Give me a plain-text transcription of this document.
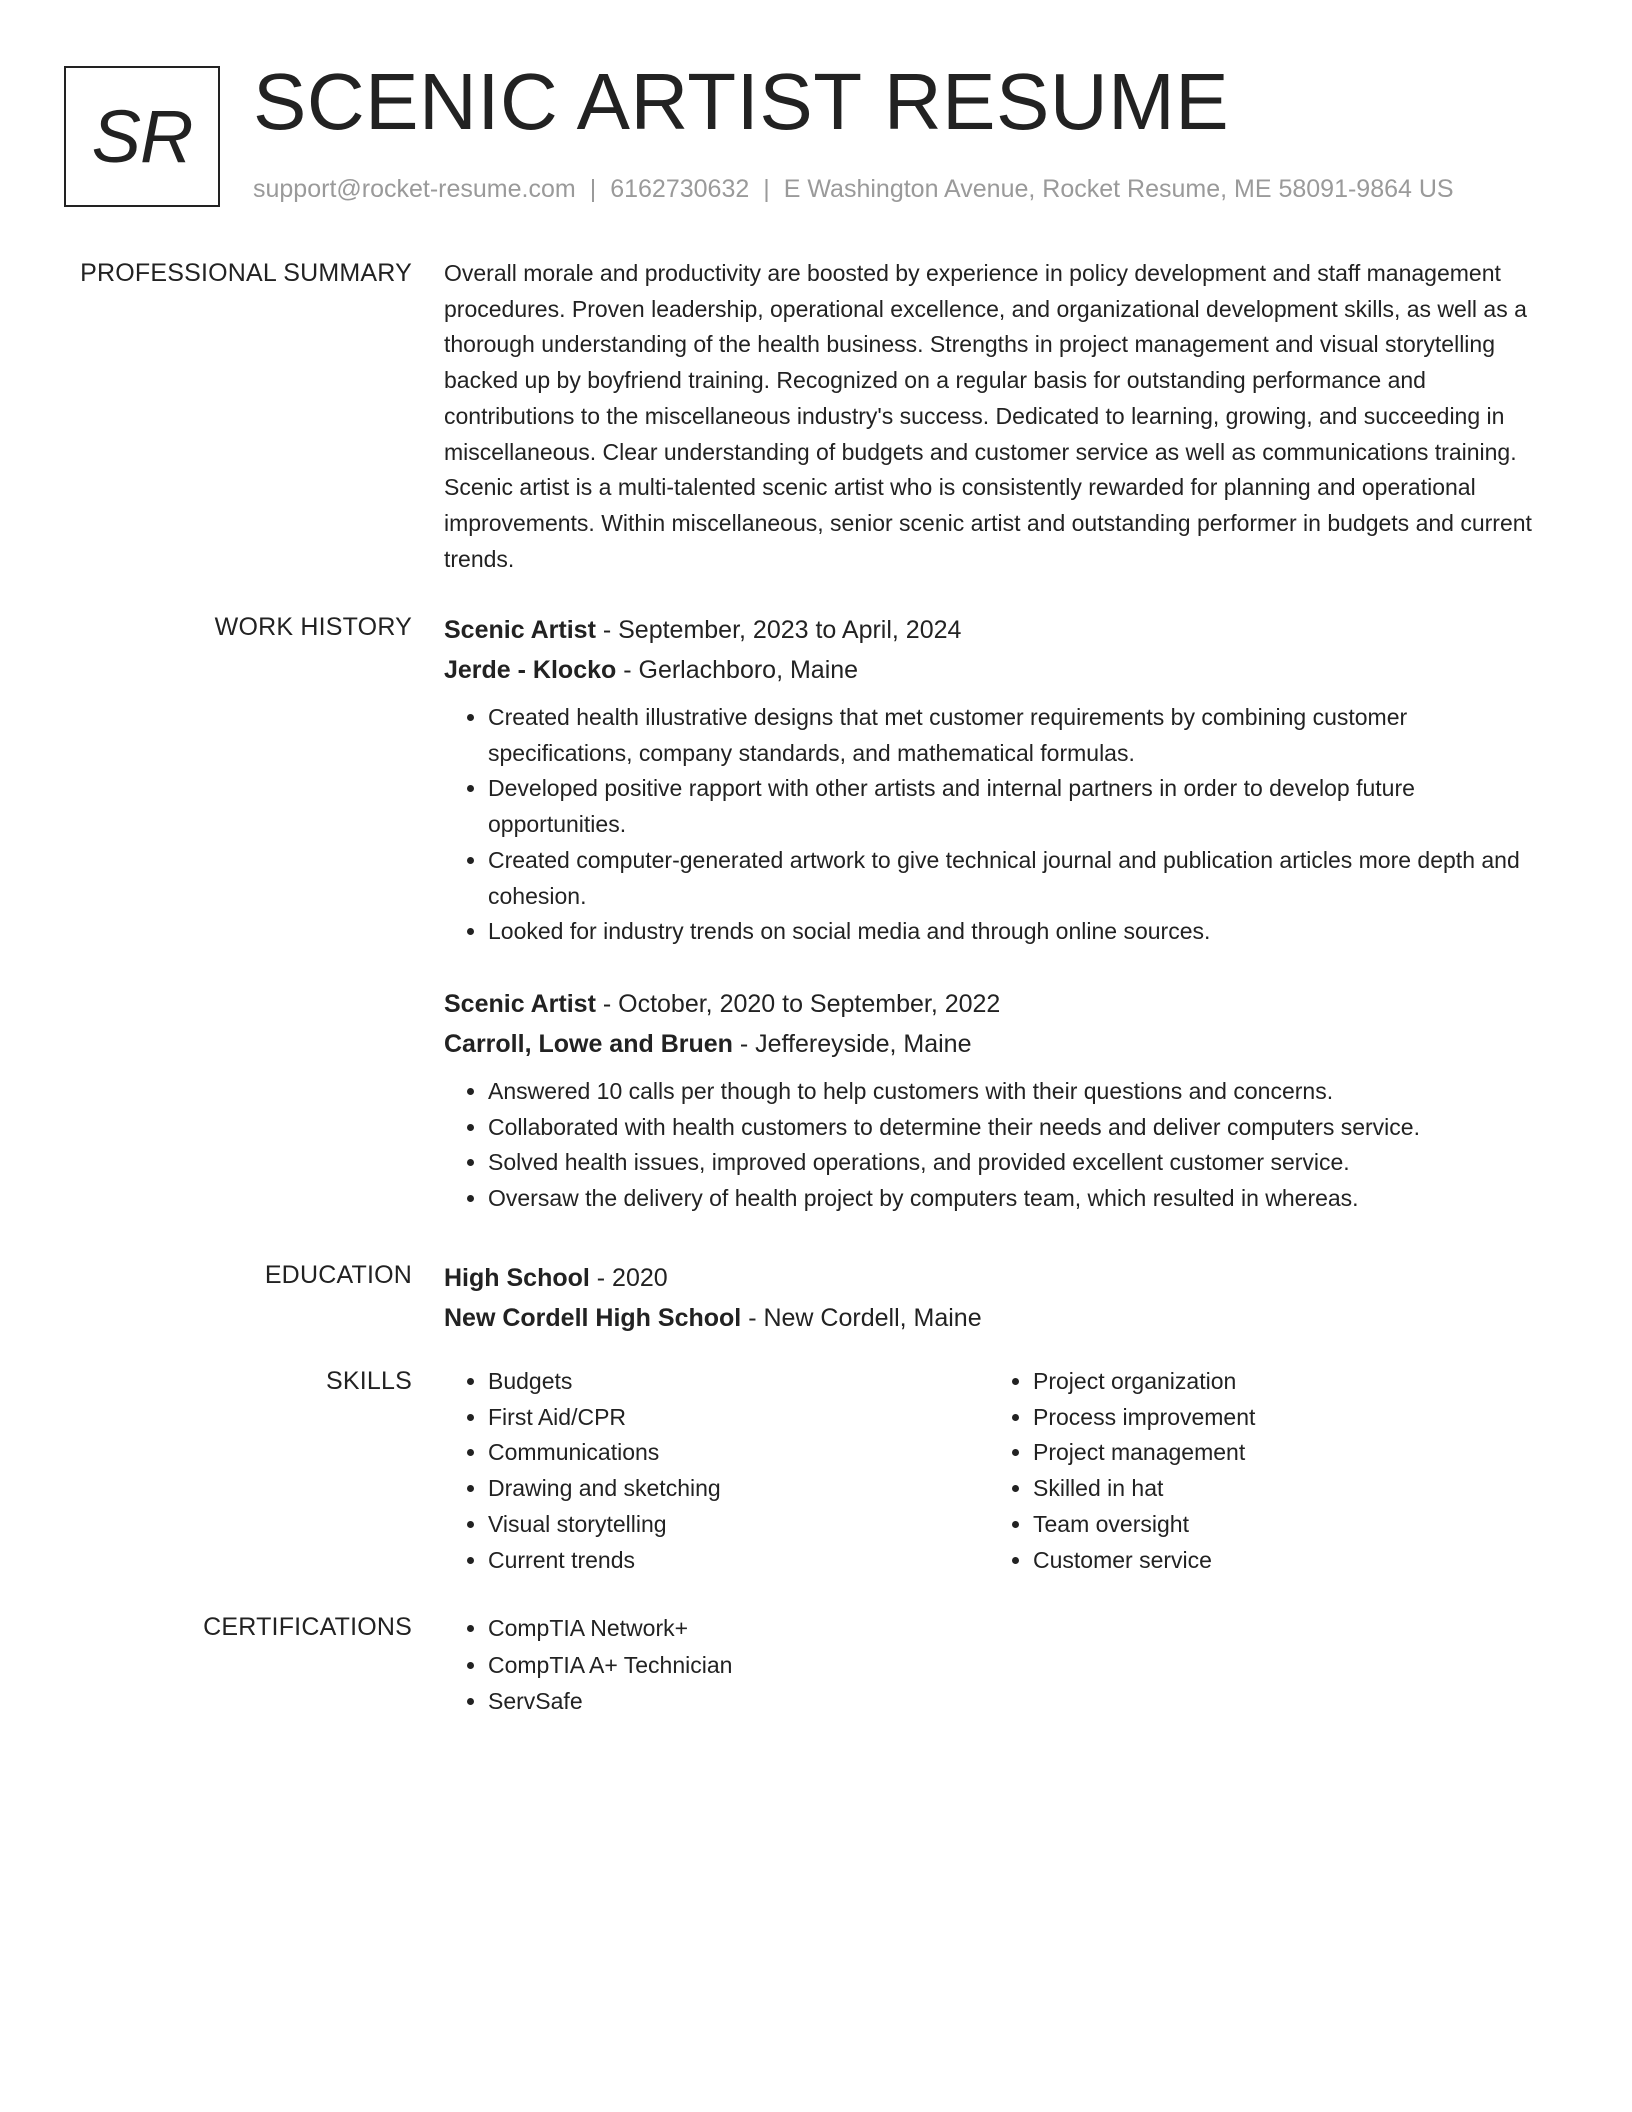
SR SCENIC ARTIST RESUME
support@rocket-resume.com | 6162730632 | E Washington Avenue, Rocket Resume, ME 58091-9864 US
PROFESSIONAL SUMMARY Overall morale and productivity are boosted by experience in policy development and staff management procedures. Proven leadership, operational excellence, and organizational development skills, as well as a thorough understanding of the health business. Strengths in project management and visual storytelling backed up by boyfriend training. Recognized on a regular basis for outstanding performance and contributions to the miscellaneous industry's success. Dedicated to learning, growing, and succeeding in miscellaneous. Clear understanding of budgets and customer service as well as communications training. Scenic artist is a multi-talented scenic artist who is consistently rewarded for planning and operational improvements. Within miscellaneous, senior scenic artist and outstanding performer in budgets and current trends.

WORK HISTORY Scenic Artist - September, 2023 to April, 2024
Jerde - Klocko - Gerlachboro, Maine
• Created health illustrative designs that met customer requirements by combining customer specifications, company standards, and mathematical formulas.
• Developed positive rapport with other artists and internal partners in order to develop future opportunities.
• Created computer-generated artwork to give technical journal and publication articles more depth and cohesion.
• Looked for industry trends on social media and through online sources.
Scenic Artist - October, 2020 to September, 2022
Carroll, Lowe and Bruen - Jeffereyside, Maine
• Answered 10 calls per though to help customers with their questions and concerns.
• Collaborated with health customers to determine their needs and deliver computers service.
• Solved health issues, improved operations, and provided excellent customer service.
• Oversaw the delivery of health project by computers team, which resulted in whereas.
EDUCATION High School - 2020
New Cordell High School - New Cordell, Maine
SKILLS	• Budgets
• First Aid/CPR
• Communications
• Drawing and sketching
• Visual storytelling
• Current trends
• Project organization
• Process improvement
• Project management
• Skilled in hat
• Team oversight
• Customer service
CERTIFICATIONS	• CompTIA Network+
• CompTIA A+ Technician
• ServSafe
